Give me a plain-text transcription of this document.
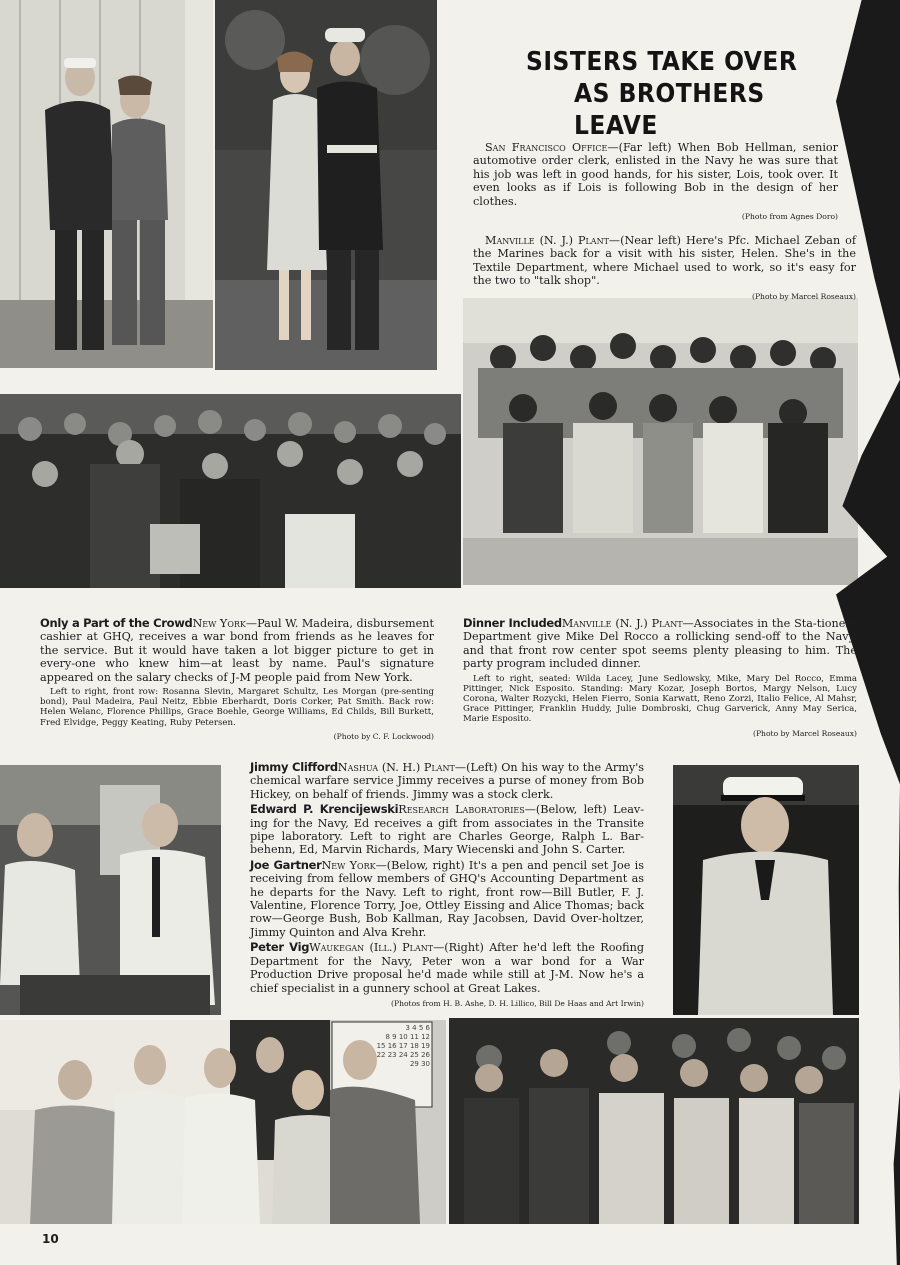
SISTERS TAKE OVER
AS BROTHERS LEAVE

San Francisco Office—(Far left) When Bob Hellman, senior automotive order clerk, enlisted in the Navy he was sure that his job was left in good hands, for his sister, Lois, took over. It even looks as if Lois is following Bob in the design of her clothes.

(Photo from Agnes Doro)

Manville (N. J.) Plant—(Near left) Here's Pfc. Michael Zeban of the Marines back for a visit with his sister, Helen. She's in the Textile Department, where Michael used to work, so it's easy for the two to "talk shop".

(Photo by Marcel Roseaux)

Only a Part of the CrowdNew York—Paul W. Madeira, disbursement cashier at GHQ, receives a war bond from friends as he leaves for the service. But it would have taken a lot bigger picture to get in every-one who knew him—at least by name. Paul's signature appeared on the salary checks of J-M people paid from New York.

Left to right, front row: Rosanna Slevin, Margaret Schultz, Les Morgan (pre-senting bond), Paul Madeira, Paul Neitz, Ebbie Eberhardt, Doris Corker, Pat Smith. Back row: Helen Welanc, Florence Phillips, Grace Boehle, George Williams, Ed Childs, Bill Burkett, Fred Elvidge, Peggy Keating, Ruby Petersen.

(Photo by C. F. Lockwood)

Dinner IncludedManville (N. J.) Plant—Associates in the Sta-tionery Department give Mike Del Rocco a rollicking send-off to the Navy, and that front row center spot seems plenty pleasing to him. The party program included dinner.

Left to right, seated: Wilda Lacey, June Sedlowsky, Mike, Mary Del Rocco, Emma Pittinger, Nick Esposito. Standing: Mary Kozar, Joseph Bortos, Margy Nelson, Lucy Corona, Walter Rozycki, Helen Fierro, Sonia Karwatt, Reno Zorzi, Italio Felice, Al Mahsr, Grace Pittinger, Franklin Huddy, Julie Dombroski, Chug Garverick, Anny May Serica, Marie Esposito.

(Photo by Marcel Roseaux)

Jimmy CliffordNashua (N. H.) Plant—(Left) On his way to the Army's chemical warfare service Jimmy receives a purse of money from Bob Hickey, on behalf of friends. Jimmy was a stock clerk.

Edward P. KrencijewskiResearch Laboratories—(Below, left) Leav-ing for the Navy, Ed receives a gift from associates in the Transite pipe laboratory. Left to right are Charles George, Ralph L. Bar-behenn, Ed, Marvin Richards, Mary Wiecenski and John S. Carter.

Joe GartnerNew York—(Below, right) It's a pen and pencil set Joe is receiving from fellow members of GHQ's Accounting Department as he departs for the Navy. Left to right, front row—Bill Butler, F. J. Valentine, Florence Torry, Joe, Ottley Eissing and Alice Thomas; back row—George Bush, Bob Kallman, Ray Jacobsen, David Over-holtzer, Jimmy Quinton and Alva Krehr.

Peter VigWaukegan (Ill.) Plant—(Right) After he'd left the Roofing Department for the Navy, Peter won a war bond for a War Production Drive proposal he'd made while still at J-M. Now he's a chief specialist in a gunnery school at Great Lakes.

(Photos from H. B. Ashe, D. H. Lillico, Bill De Haas and Art Irwin)
3 4 5 6
8 9 10 11 12
15 16 17 18 19
22 23 24 25 26
29 30
10
